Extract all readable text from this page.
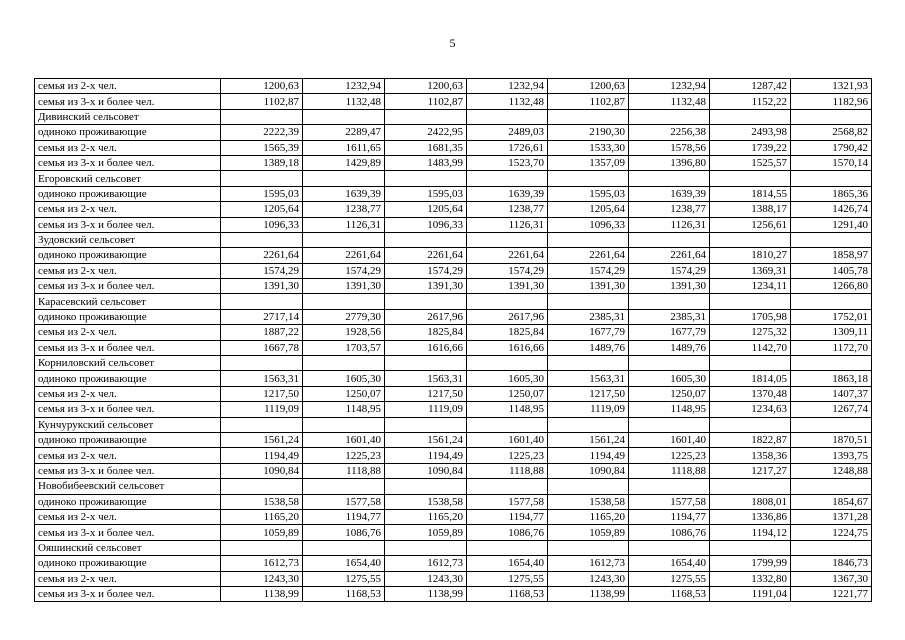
5
семья из 2-х чел.	1200,63	1232,94	1200,63	1232,94	1200,63	1232,94	1287,42	1321,93
семья из 3-х и более чел.	1102,87	1132,48	1102,87	1132,48	1102,87	1132,48	1152,22	1182,96
Дивинский сельсовет								
одиноко проживающие	2222,39	2289,47	2422,95	2489,03	2190,30	2256,38	2493,98	2568,82
семья из 2-х чел.	1565,39	1611,65	1681,35	1726,61	1533,30	1578,56	1739,22	1790,42
семья из 3-х и более чел.	1389,18	1429,89	1483,99	1523,70	1357,09	1396,80	1525,57	1570,14
Егоровский сельсовет								
одиноко проживающие	1595,03	1639,39	1595,03	1639,39	1595,03	1639,39	1814,55	1865,36
семья из 2-х чел.	1205,64	1238,77	1205,64	1238,77	1205,64	1238,77	1388,17	1426,74
семья из 3-х и более чел.	1096,33	1126,31	1096,33	1126,31	1096,33	1126,31	1256,61	1291,40
Зудовский сельсовет								
одиноко проживающие	2261,64	2261,64	2261,64	2261,64	2261,64	2261,64	1810,27	1858,97
семья из 2-х чел.	1574,29	1574,29	1574,29	1574,29	1574,29	1574,29	1369,31	1405,78
семья из 3-х и более чел.	1391,30	1391,30	1391,30	1391,30	1391,30	1391,30	1234,11	1266,80
Карасевский сельсовет								
одиноко проживающие	2717,14	2779,30	2617,96	2617,96	2385,31	2385,31	1705,98	1752,01
семья из 2-х чел.	1887,22	1928,56	1825,84	1825,84	1677,79	1677,79	1275,32	1309,11
семья из 3-х и более чел.	1667,78	1703,57	1616,66	1616,66	1489,76	1489,76	1142,70	1172,70
Корниловский сельсовет								
одиноко проживающие	1563,31	1605,30	1563,31	1605,30	1563,31	1605,30	1814,05	1863,18
семья из 2-х чел.	1217,50	1250,07	1217,50	1250,07	1217,50	1250,07	1370,48	1407,37
семья из 3-х и более чел.	1119,09	1148,95	1119,09	1148,95	1119,09	1148,95	1234,63	1267,74
Кунчурукский сельсовет								
одиноко проживающие	1561,24	1601,40	1561,24	1601,40	1561,24	1601,40	1822,87	1870,51
семья из 2-х чел.	1194,49	1225,23	1194,49	1225,23	1194,49	1225,23	1358,36	1393,75
семья из 3-х и более чел.	1090,84	1118,88	1090,84	1118,88	1090,84	1118,88	1217,27	1248,88
Новобибеевский сельсовет								
одиноко проживающие	1538,58	1577,58	1538,58	1577,58	1538,58	1577,58	1808,01	1854,67
семья из 2-х чел.	1165,20	1194,77	1165,20	1194,77	1165,20	1194,77	1336,86	1371,28
семья из 3-х и более чел.	1059,89	1086,76	1059,89	1086,76	1059,89	1086,76	1194,12	1224,75
Ояшинский сельсовет								
одиноко проживающие	1612,73	1654,40	1612,73	1654,40	1612,73	1654,40	1799,99	1846,73
семья из 2-х чел.	1243,30	1275,55	1243,30	1275,55	1243,30	1275,55	1332,80	1367,30
семья из 3-х и более чел.	1138,99	1168,53	1138,99	1168,53	1138,99	1168,53	1191,04	1221,77
